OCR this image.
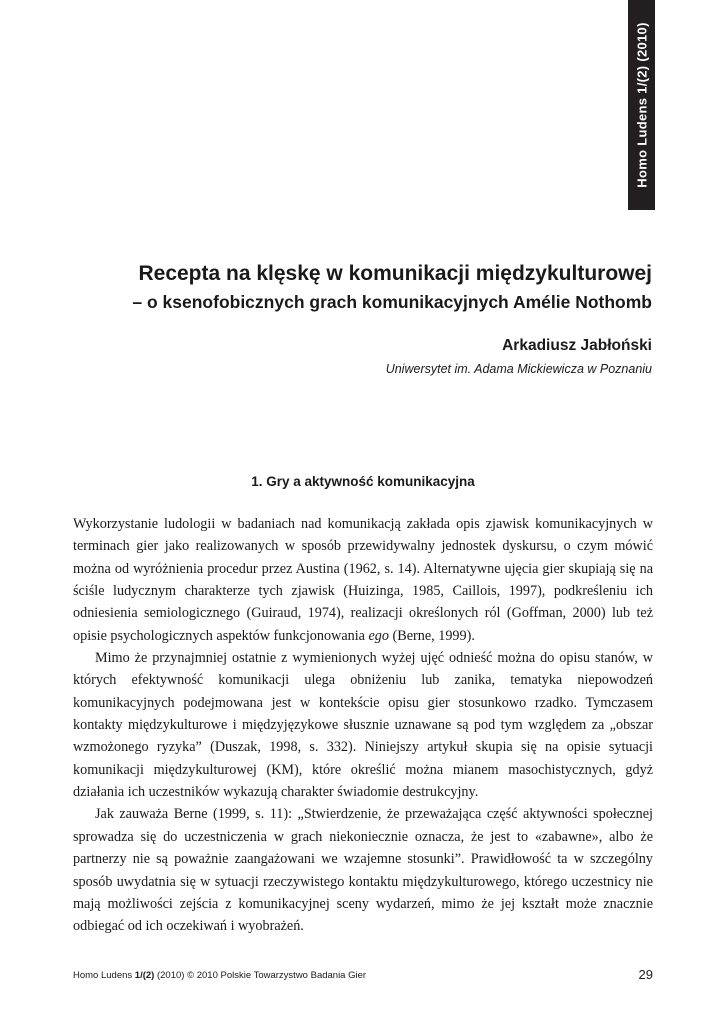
Homo Ludens 1/(2) (2010)
Recepta na klęskę w komunikacji międzykulturowej
– o ksenofobicznych grach komunikacyjnych Amélie Nothomb
Arkadiusz Jabłoński
Uniwersytet im. Adama Mickiewicza w Poznaniu
1. Gry a aktywność komunikacyjna

Wykorzystanie ludologii w badaniach nad komunikacją zakłada opis zjawisk komunikacyjnych w terminach gier jako realizowanych w sposób przewidywalny jednostek dyskursu, o czym mówić można od wyróżnienia procedur przez Austina (1962, s. 14). Alternatywne ujęcia gier skupiają się na ściśle ludycznym charakterze tych zjawisk (Huizinga, 1985, Caillois, 1997), podkreśleniu ich odniesienia semiologicznego (Guiraud, 1974), realizacji określonych ról (Goffman, 2000) lub też opisie psychologicznych aspektów funkcjonowania ego (Berne, 1999).

Mimo że przynajmniej ostatnie z wymienionych wyżej ujęć odnieść można do opisu stanów, w których efektywność komunikacji ulega obniżeniu lub zanika, tematyka niepowodzeń komunikacyjnych podejmowana jest w kontekście opisu gier stosunkowo rzadko. Tymczasem kontakty międzykulturowe i międzyjęzykowe słusznie uznawane są pod tym względem za „obszar wzmożonego ryzyka” (Duszak, 1998, s. 332). Niniejszy artykuł skupia się na opisie sytuacji komunikacji międzykulturowej (KM), które określić można mianem masochistycznych, gdyż działania ich uczestników wykazują charakter świadomie destrukcyjny.

Jak zauważa Berne (1999, s. 11): „Stwierdzenie, że przeważająca część aktywności społecznej sprowadza się do uczestniczenia w grach niekoniecznie oznacza, że jest to «zabawne», albo że partnerzy nie są poważnie zaangażowani we wzajemne stosunki”. Prawidłowość ta w szczególny sposób uwydatnia się w sytuacji rzeczywistego kontaktu międzykulturowego, którego uczestnicy nie mają możliwości zejścia z komunikacyjnej sceny wydarzeń, mimo że jej kształt może znacznie odbiegać od ich oczekiwań i wyobrażeń.

Homo Ludens 1/(2) (2010) © 2010 Polskie Towarzystwo Badania Gier	29
